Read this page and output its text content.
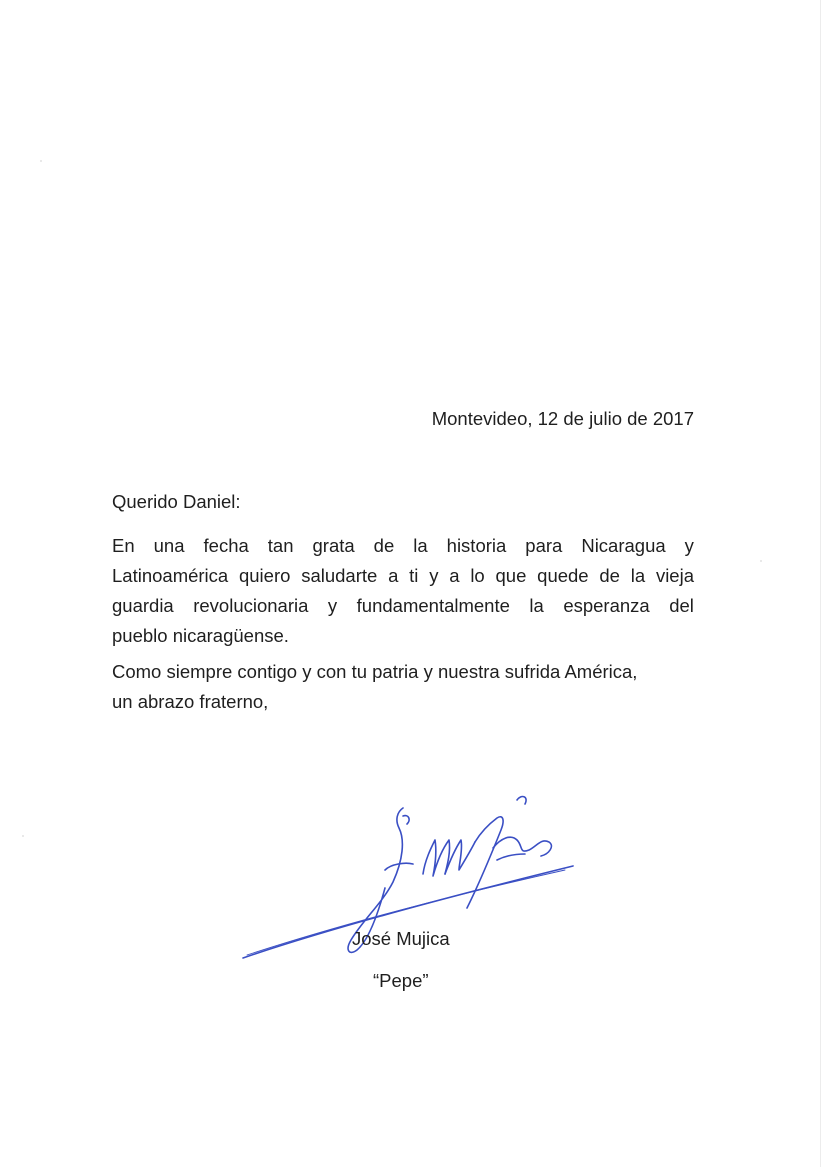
Montevideo, 12 de julio de 2017
Querido Daniel:
En una fecha tan grata de la historia para Nicaragua y
Latinoamérica quiero saludarte a ti y a lo que quede de la vieja
guardia revolucionaria y fundamentalmente la esperanza del
pueblo nicaragüense.
Como siempre contigo y con tu patria y nuestra sufrida América,
un abrazo fraterno,
José Mujica
“Pepe”
